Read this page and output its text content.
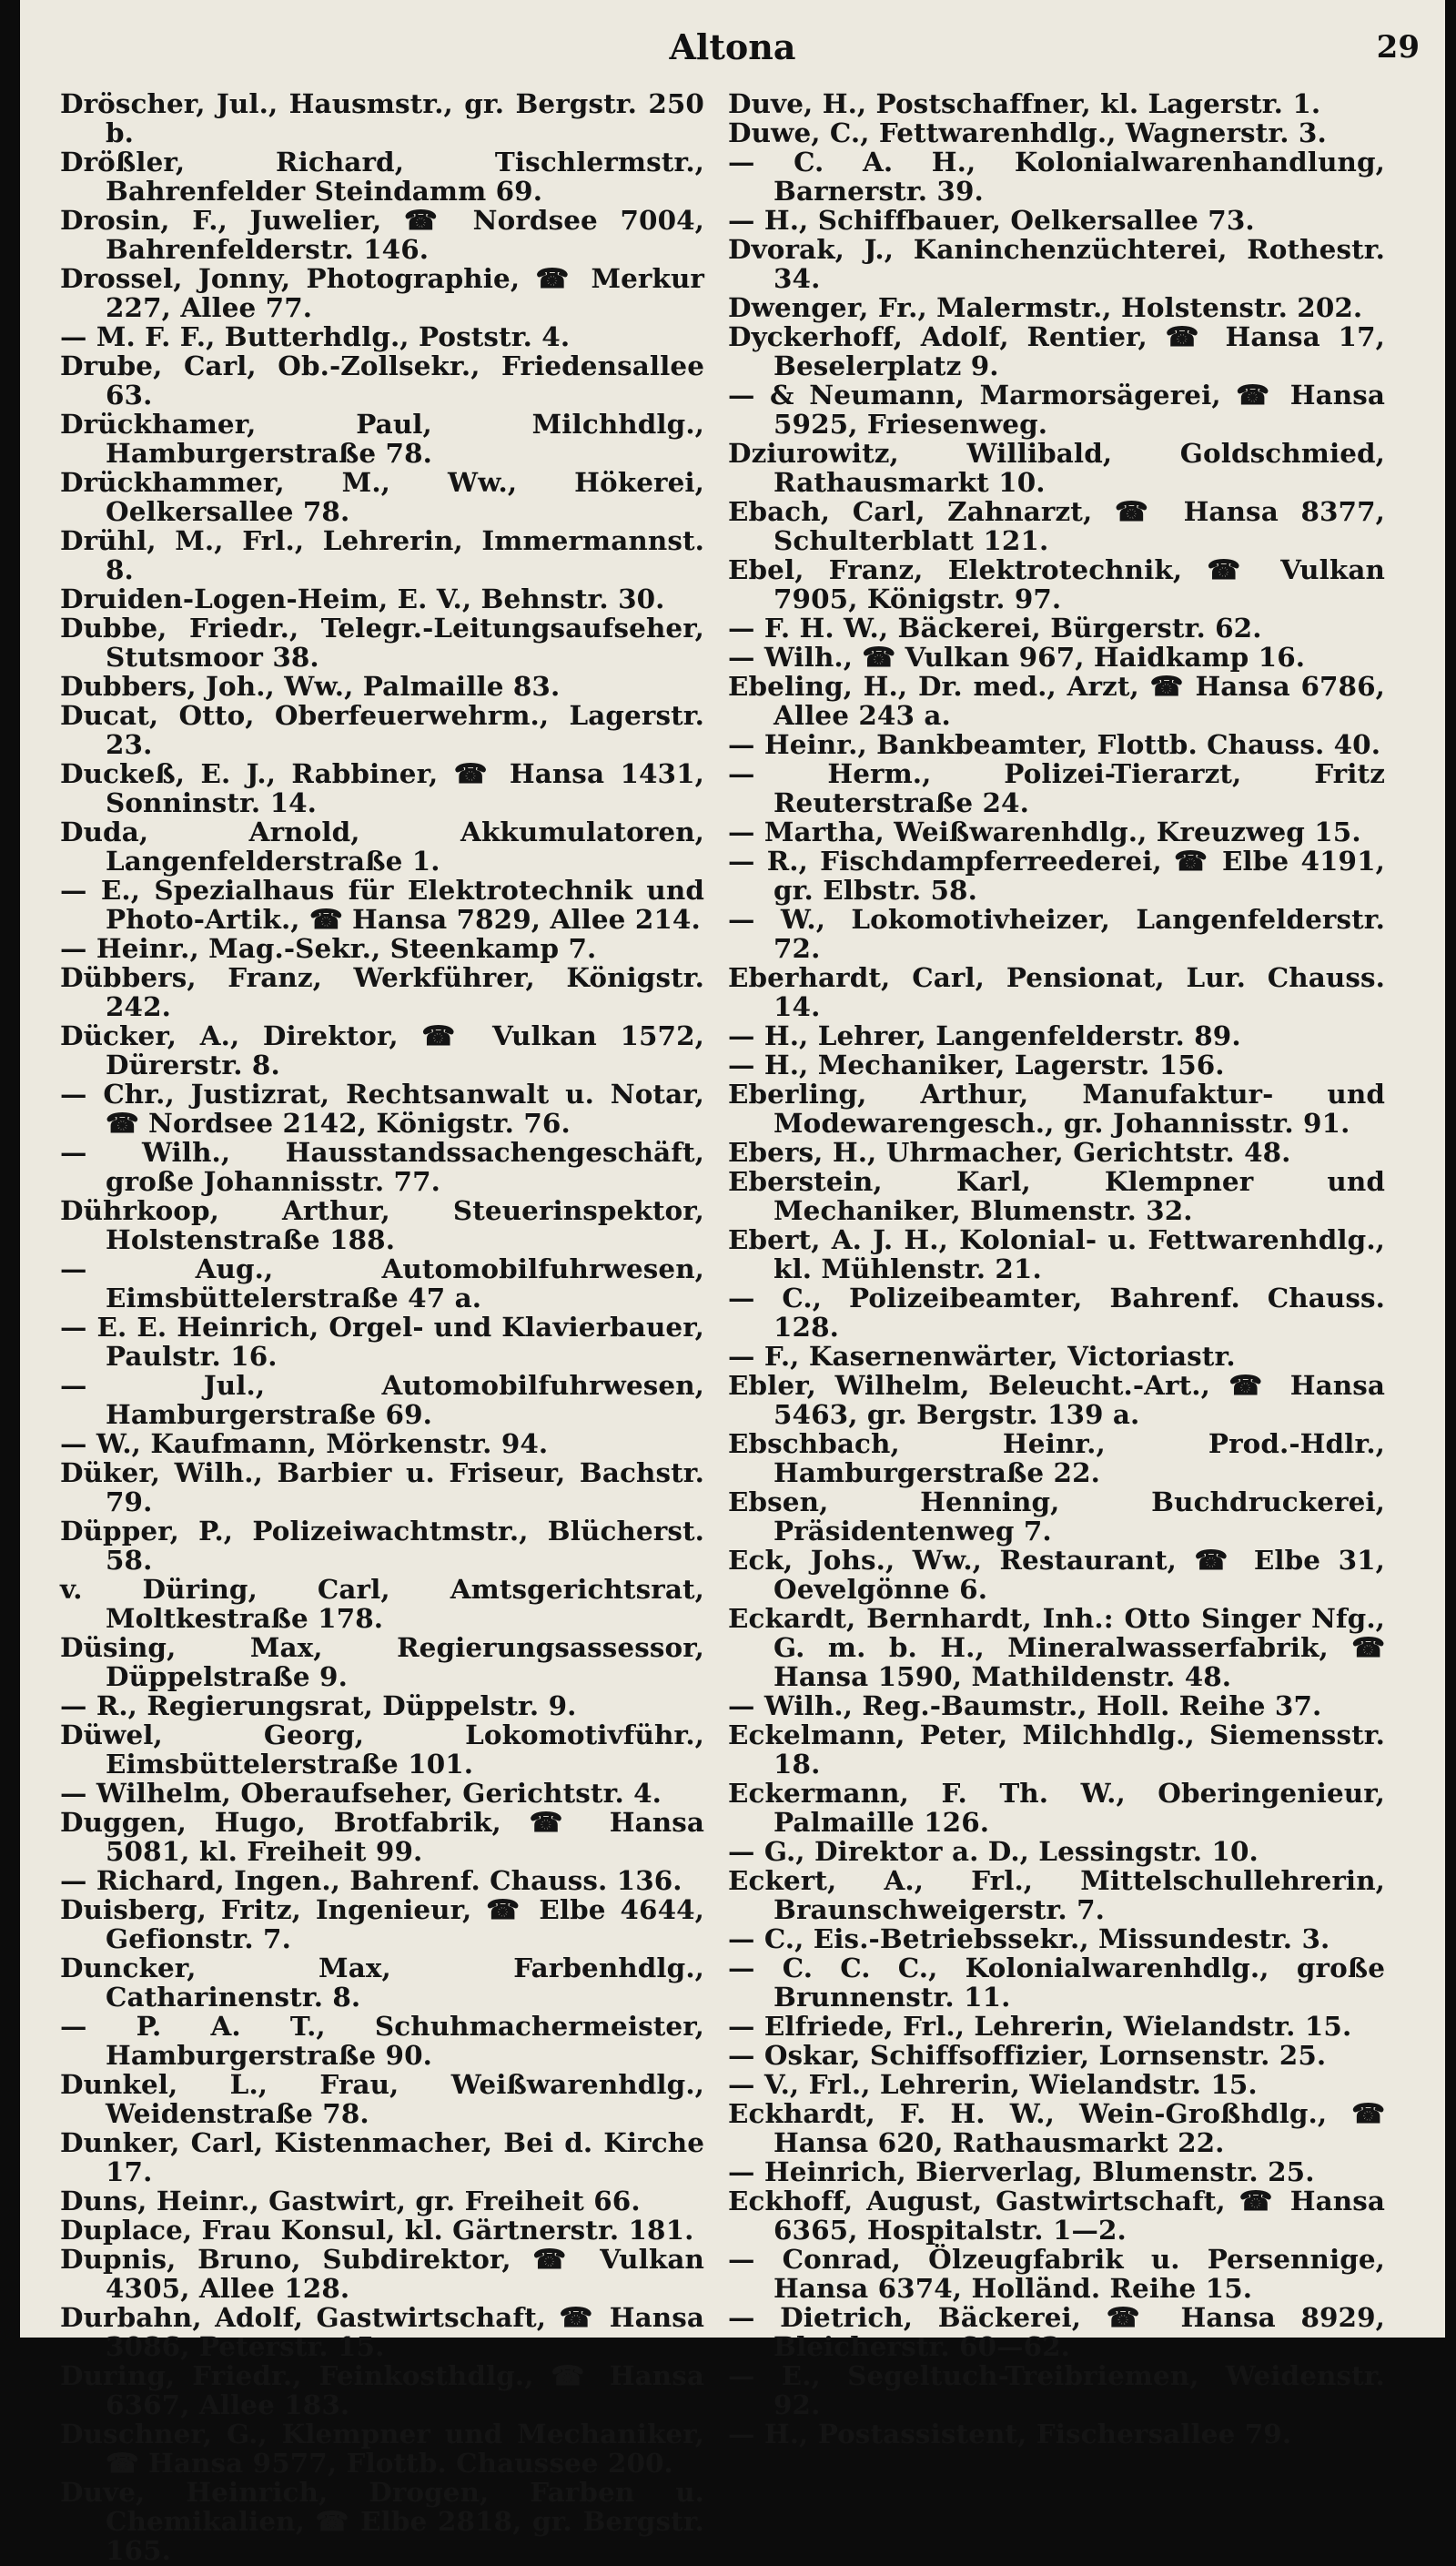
Altona	29

Dröscher, Jul., Hausmstr., gr. Bergstr. 250 b.

Drößler, Richard, Tischlermstr., Bahrenfelder Steindamm 69.

Drosin, F., Juwelier, ☎ Nordsee 7004, Bahrenfelderstr. 146.

Drossel, Jonny, Photographie, ☎ Merkur 227, Allee 77.

— M. F. F., Butterhdlg., Poststr. 4.

Drube, Carl, Ob.-Zollsekr., Friedensallee 63.

Drückhamer, Paul, Milchhdlg., Hamburgerstraße 78.

Drückhammer, M., Ww., Hökerei, Oelkersallee 78.

Drühl, M., Frl., Lehrerin, Immermannst. 8.

Druiden-Logen-Heim, E. V., Behnstr. 30.

Dubbe, Friedr., Telegr.-Leitungsaufseher, Stutsmoor 38.

Dubbers, Joh., Ww., Palmaille 83.

Ducat, Otto, Oberfeuerwehrm., Lagerstr. 23.

Duckeß, E. J., Rabbiner, ☎ Hansa 1431, Sonninstr. 14.

Duda, Arnold, Akkumulatoren, Langenfelderstraße 1.

— E., Spezialhaus für Elektrotechnik und Photo-Artik., ☎ Hansa 7829, Allee 214.

— Heinr., Mag.-Sekr., Steenkamp 7.

Dübbers, Franz, Werkführer, Königstr. 242.

Dücker, A., Direktor, ☎ Vulkan 1572, Dürerstr. 8.

— Chr., Justizrat, Rechtsanwalt u. Notar, ☎ Nordsee 2142, Königstr. 76.

— Wilh., Hausstandssachengeschäft, große Johannisstr. 77.

Dührkoop, Arthur, Steuerinspektor, Holstenstraße 188.

— Aug., Automobilfuhrwesen, Eimsbüttelerstraße 47 a.

— E. E. Heinrich, Orgel- und Klavierbauer, Paulstr. 16.

— Jul., Automobilfuhrwesen, Hamburgerstraße 69.

— W., Kaufmann, Mörkenstr. 94.

Düker, Wilh., Barbier u. Friseur, Bachstr. 79.

Düpper, P., Polizeiwachtmstr., Blücherst. 58.

v. Düring, Carl, Amtsgerichtsrat, Moltkestraße 178.

Düsing, Max, Regierungsassessor, Düppelstraße 9.

— R., Regierungsrat, Düppelstr. 9.

Düwel, Georg, Lokomotivführ., Eimsbüttelerstraße 101.

— Wilhelm, Oberaufseher, Gerichtstr. 4.

Duggen, Hugo, Brotfabrik, ☎ Hansa 5081, kl. Freiheit 99.

— Richard, Ingen., Bahrenf. Chauss. 136.

Duisberg, Fritz, Ingenieur, ☎ Elbe 4644, Gefionstr. 7.

Duncker, Max, Farbenhdlg., Catharinenstr. 8.

— P. A. T., Schuhmachermeister, Hamburgerstraße 90.

Dunkel, L., Frau, Weißwarenhdlg., Weidenstraße 78.

Dunker, Carl, Kistenmacher, Bei d. Kirche 17.

Duns, Heinr., Gastwirt, gr. Freiheit 66.

Duplace, Frau Konsul, kl. Gärtnerstr. 181.

Dupnis, Bruno, Subdirektor, ☎ Vulkan 4305, Allee 128.

Durbahn, Adolf, Gastwirtschaft, ☎ Hansa 3086, Peterstr. 15.

During, Friedr., Feinkosthdlg., ☎ Hansa 6367, Allee 183.

Duschner, G., Klempner und Mechaniker, ☎ Hansa 9577, Flottb. Chaussee 200.

Duve, Heinrich, Drogen, Farben u. Chemikalien, ☎ Elbe 2818, gr. Bergstr. 165.

Duve, H., Postschaffner, kl. Lagerstr. 1.

Duwe, C., Fettwarenhdlg., Wagnerstr. 3.

— C. A. H., Kolonialwarenhandlung, Barnerstr. 39.

— H., Schiffbauer, Oelkersallee 73.

Dvorak, J., Kaninchenzüchterei, Rothestr. 34.

Dwenger, Fr., Malermstr., Holstenstr. 202.

Dyckerhoff, Adolf, Rentier, ☎ Hansa 17, Beselerplatz 9.

— & Neumann, Marmorsägerei, ☎ Hansa 5925, Friesenweg.

Dziurowitz, Willibald, Goldschmied, Rathausmarkt 10.

Ebach, Carl, Zahnarzt, ☎ Hansa 8377, Schulterblatt 121.

Ebel, Franz, Elektrotechnik, ☎ Vulkan 7905, Königstr. 97.

— F. H. W., Bäckerei, Bürgerstr. 62.

— Wilh., ☎ Vulkan 967, Haidkamp 16.

Ebeling, H., Dr. med., Arzt, ☎ Hansa 6786, Allee 243 a.

— Heinr., Bankbeamter, Flottb. Chauss. 40.

— Herm., Polizei-Tierarzt, Fritz Reuterstraße 24.

— Martha, Weißwarenhdlg., Kreuzweg 15.

— R., Fischdampferreederei, ☎ Elbe 4191, gr. Elbstr. 58.

— W., Lokomotivheizer, Langenfelderstr. 72.

Eberhardt, Carl, Pensionat, Lur. Chauss. 14.

— H., Lehrer, Langenfelderstr. 89.

— H., Mechaniker, Lagerstr. 156.

Eberling, Arthur, Manufaktur- und Modewarengesch., gr. Johannisstr. 91.

Ebers, H., Uhrmacher, Gerichtstr. 48.

Eberstein, Karl, Klempner und Mechaniker, Blumenstr. 32.

Ebert, A. J. H., Kolonial- u. Fettwarenhdlg., kl. Mühlenstr. 21.

— C., Polizeibeamter, Bahrenf. Chauss. 128.

— F., Kasernenwärter, Victoriastr.

Ebler, Wilhelm, Beleucht.-Art., ☎ Hansa 5463, gr. Bergstr. 139 a.

Ebschbach, Heinr., Prod.-Hdlr., Hamburgerstraße 22.

Ebsen, Henning, Buchdruckerei, Präsidentenweg 7.

Eck, Johs., Ww., Restaurant, ☎ Elbe 31, Oevelgönne 6.

Eckardt, Bernhardt, Inh.: Otto Singer Nfg., G. m. b. H., Mineralwasserfabrik, ☎ Hansa 1590, Mathildenstr. 48.

— Wilh., Reg.-Baumstr., Holl. Reihe 37.

Eckelmann, Peter, Milchhdlg., Siemensstr. 18.

Eckermann, F. Th. W., Oberingenieur, Palmaille 126.

— G., Direktor a. D., Lessingstr. 10.

Eckert, A., Frl., Mittelschullehrerin, Braunschweigerstr. 7.

— C., Eis.-Betriebssekr., Missundestr. 3.

— C. C. C., Kolonialwarenhdlg., große Brunnenstr. 11.

— Elfriede, Frl., Lehrerin, Wielandstr. 15.

— Oskar, Schiffsoffizier, Lornsenstr. 25.

— V., Frl., Lehrerin, Wielandstr. 15.

Eckhardt, F. H. W., Wein-Großhdlg., ☎ Hansa 620, Rathausmarkt 22.

— Heinrich, Bierverlag, Blumenstr. 25.

Eckhoff, August, Gastwirtschaft, ☎ Hansa 6365, Hospitalstr. 1—2.

— Conrad, Ölzeugfabrik u. Persennige, Hansa 6374, Holländ. Reihe 15.

— Dietrich, Bäckerei, ☎ Hansa 8929, Bleicherstr. 60—62.

— E., Segeltuch-Treibriemen, Weidenstr. 92.

— H., Postassistent, Fischersallee 79.
